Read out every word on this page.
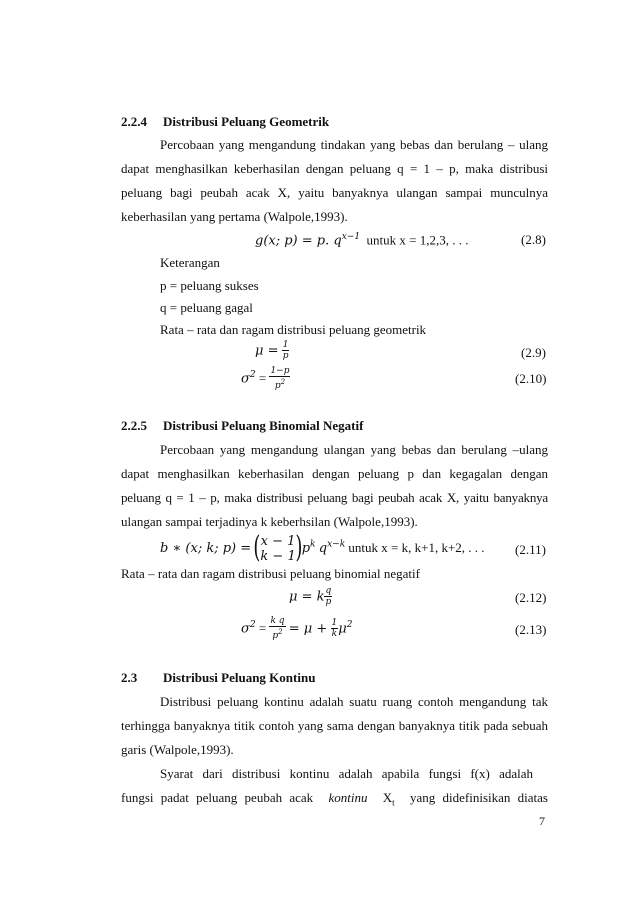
2.2.4 Distribusi Peluang Geometrik
Percobaan yang mengandung tindakan yang bebas dan berulang – ulang
dapat menghasilkan keberhasilan dengan peluang q = 1 – p, maka distribusi
peluang bagi peubah acak X, yaitu banyaknya ulangan sampai munculnya
keberhasilan yang pertama (Walpole,1993).
g(x; p) = p. $q^{x-1}$ untuk x = 1,2,3, . . .	(2.8)
Keterangan
p = peluang sukses
q = peluang gagal
Rata – rata dan ragam distribusi peluang geometrik
$\mu = \frac{1}{p}$	(2.9)
$\sigma^2 = \frac{1-p}{p^2}$	(2.10)
2.2.5 Distribusi Peluang Binomial Negatif
Percobaan yang mengandung ulangan yang bebas dan berulang –ulang
dapat menghasilkan keberhasilan dengan peluang p dan kegagalan dengan
peluang q = 1 – p, maka distribusi peluang bagi peubah acak X, yaitu banyaknya
ulangan sampai terjadinya k keberhsilan (Walpole,1993).
b ∗ (x; k; p) =
( x − 1
k − 1
)$p^k$ $q^{x-k}$ untuk x = k, k+1, k+2, . . . (2.11)
Rata – rata dan ragam distribusi peluang binomial negatif
μ = k $\frac{q}{p}$	(2.12)
$\sigma^2 = \frac{\text{k q}}{p^2} = \mu + \frac{1}{k} \mu^2$	(2.13)
2.3 Distribusi Peluang Kontinu
Distribusi peluang kontinu adalah suatu ruang contoh mengandung tak
terhingga banyaknya titik contoh yang sama dengan banyaknya titik pada sebuah
garis (Walpole,1993).
Syarat dari distribusi kontinu adalah apabila fungsi f(x) adalah
fungsi padat peluang peubah acak kontinu $X_t$ yang didefinisikan diatas
7
